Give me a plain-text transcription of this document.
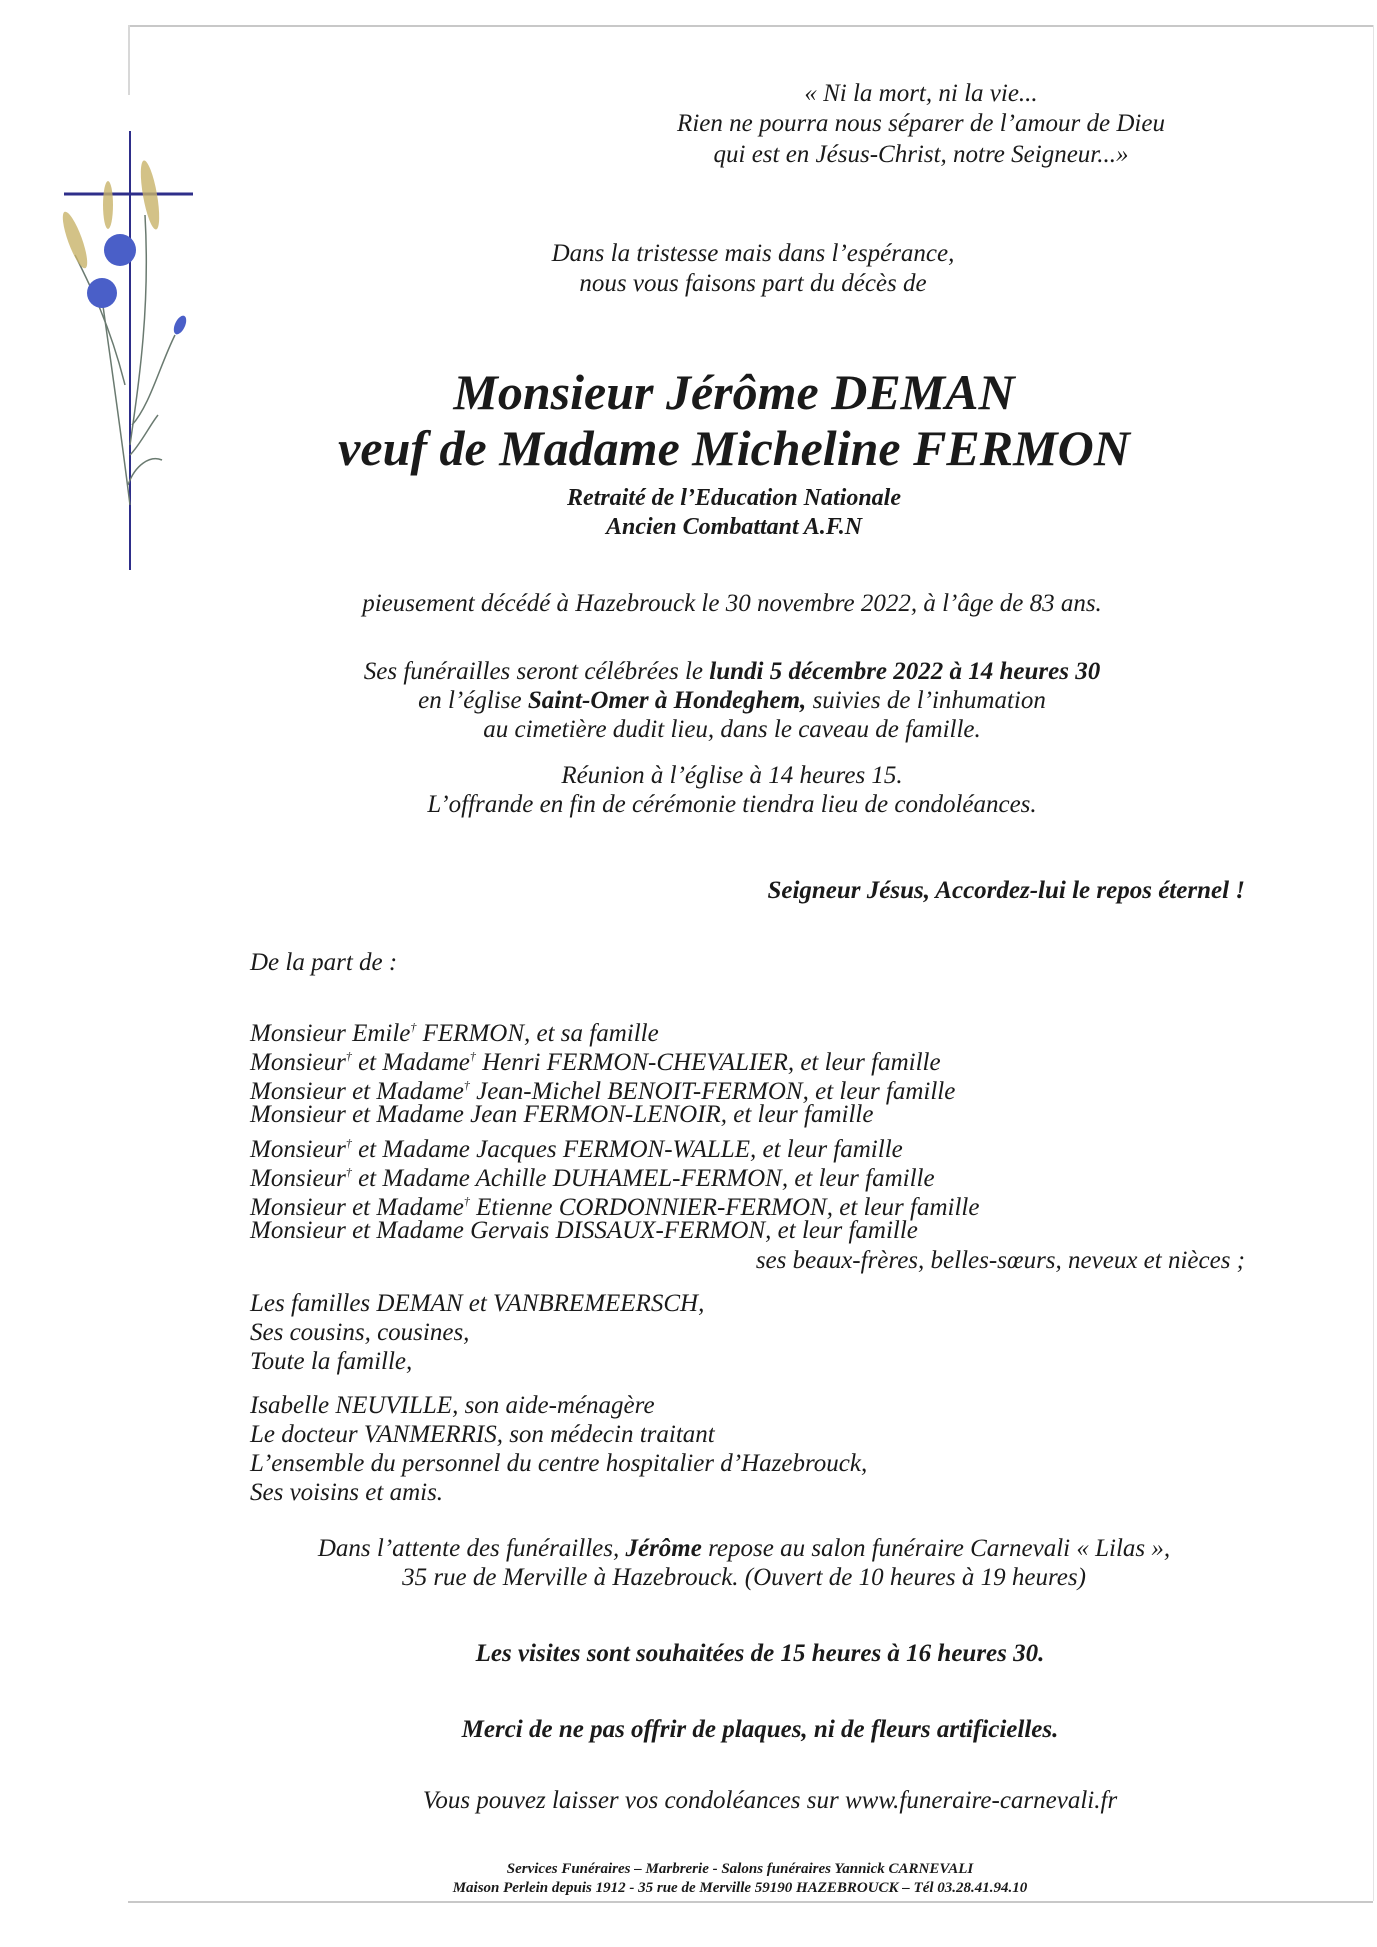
« Ni la mort, ni la vie...
Rien ne pourra nous séparer de l’amour de Dieu
qui est en Jésus-Christ, notre Seigneur...»
Dans la tristesse mais dans l’espérance,
nous vous faisons part du décès de
Monsieur Jérôme DEMAN
veuf de Madame Micheline FERMON
Retraité de l’Education Nationale
Ancien Combattant A.F.N
pieusement décédé à Hazebrouck le 30 novembre 2022, à l’âge de 83 ans.
Ses funérailles seront célébrées le lundi 5 décembre 2022 à 14 heures 30
en l’église Saint-Omer à Hondeghem, suivies de l’inhumation
au cimetière dudit lieu, dans le caveau de famille.
Réunion à l’église à 14 heures 15.
L’offrande en fin de cérémonie tiendra lieu de condoléances.
Seigneur Jésus, Accordez-lui le repos éternel !
De la part de :
Monsieur Emile† FERMON, et sa famille
Monsieur† et Madame† Henri FERMON-CHEVALIER, et leur famille
Monsieur et Madame† Jean-Michel BENOIT-FERMON, et leur famille
Monsieur et Madame Jean FERMON-LENOIR, et leur famille
Monsieur† et Madame Jacques FERMON-WALLE, et leur famille
Monsieur† et Madame Achille DUHAMEL-FERMON, et leur famille
Monsieur et Madame† Etienne CORDONNIER-FERMON, et leur famille
Monsieur et Madame Gervais DISSAUX-FERMON, et leur famille
ses beaux-frères, belles-sœurs, neveux et nièces ;
Les familles DEMAN et VANBREMEERSCH,
Ses cousins, cousines,
Toute la famille,
Isabelle NEUVILLE, son aide-ménagère
Le docteur VANMERRIS, son médecin traitant
L’ensemble du personnel du centre hospitalier d’Hazebrouck,
Ses voisins et amis.
Dans l’attente des funérailles, Jérôme repose au salon funéraire Carnevali « Lilas »,
35 rue de Merville à Hazebrouck. (Ouvert de 10 heures à 19 heures)
Les visites sont souhaitées de 15 heures à 16 heures 30.
Merci de ne pas offrir de plaques, ni de fleurs artificielles.
Vous pouvez laisser vos condoléances sur www.funeraire-carnevali.fr
Services Funéraires – Marbrerie - Salons funéraires Yannick CARNEVALI
Maison Perlein depuis 1912 - 35 rue de Merville 59190 HAZEBROUCK – Tél 03.28.41.94.10
